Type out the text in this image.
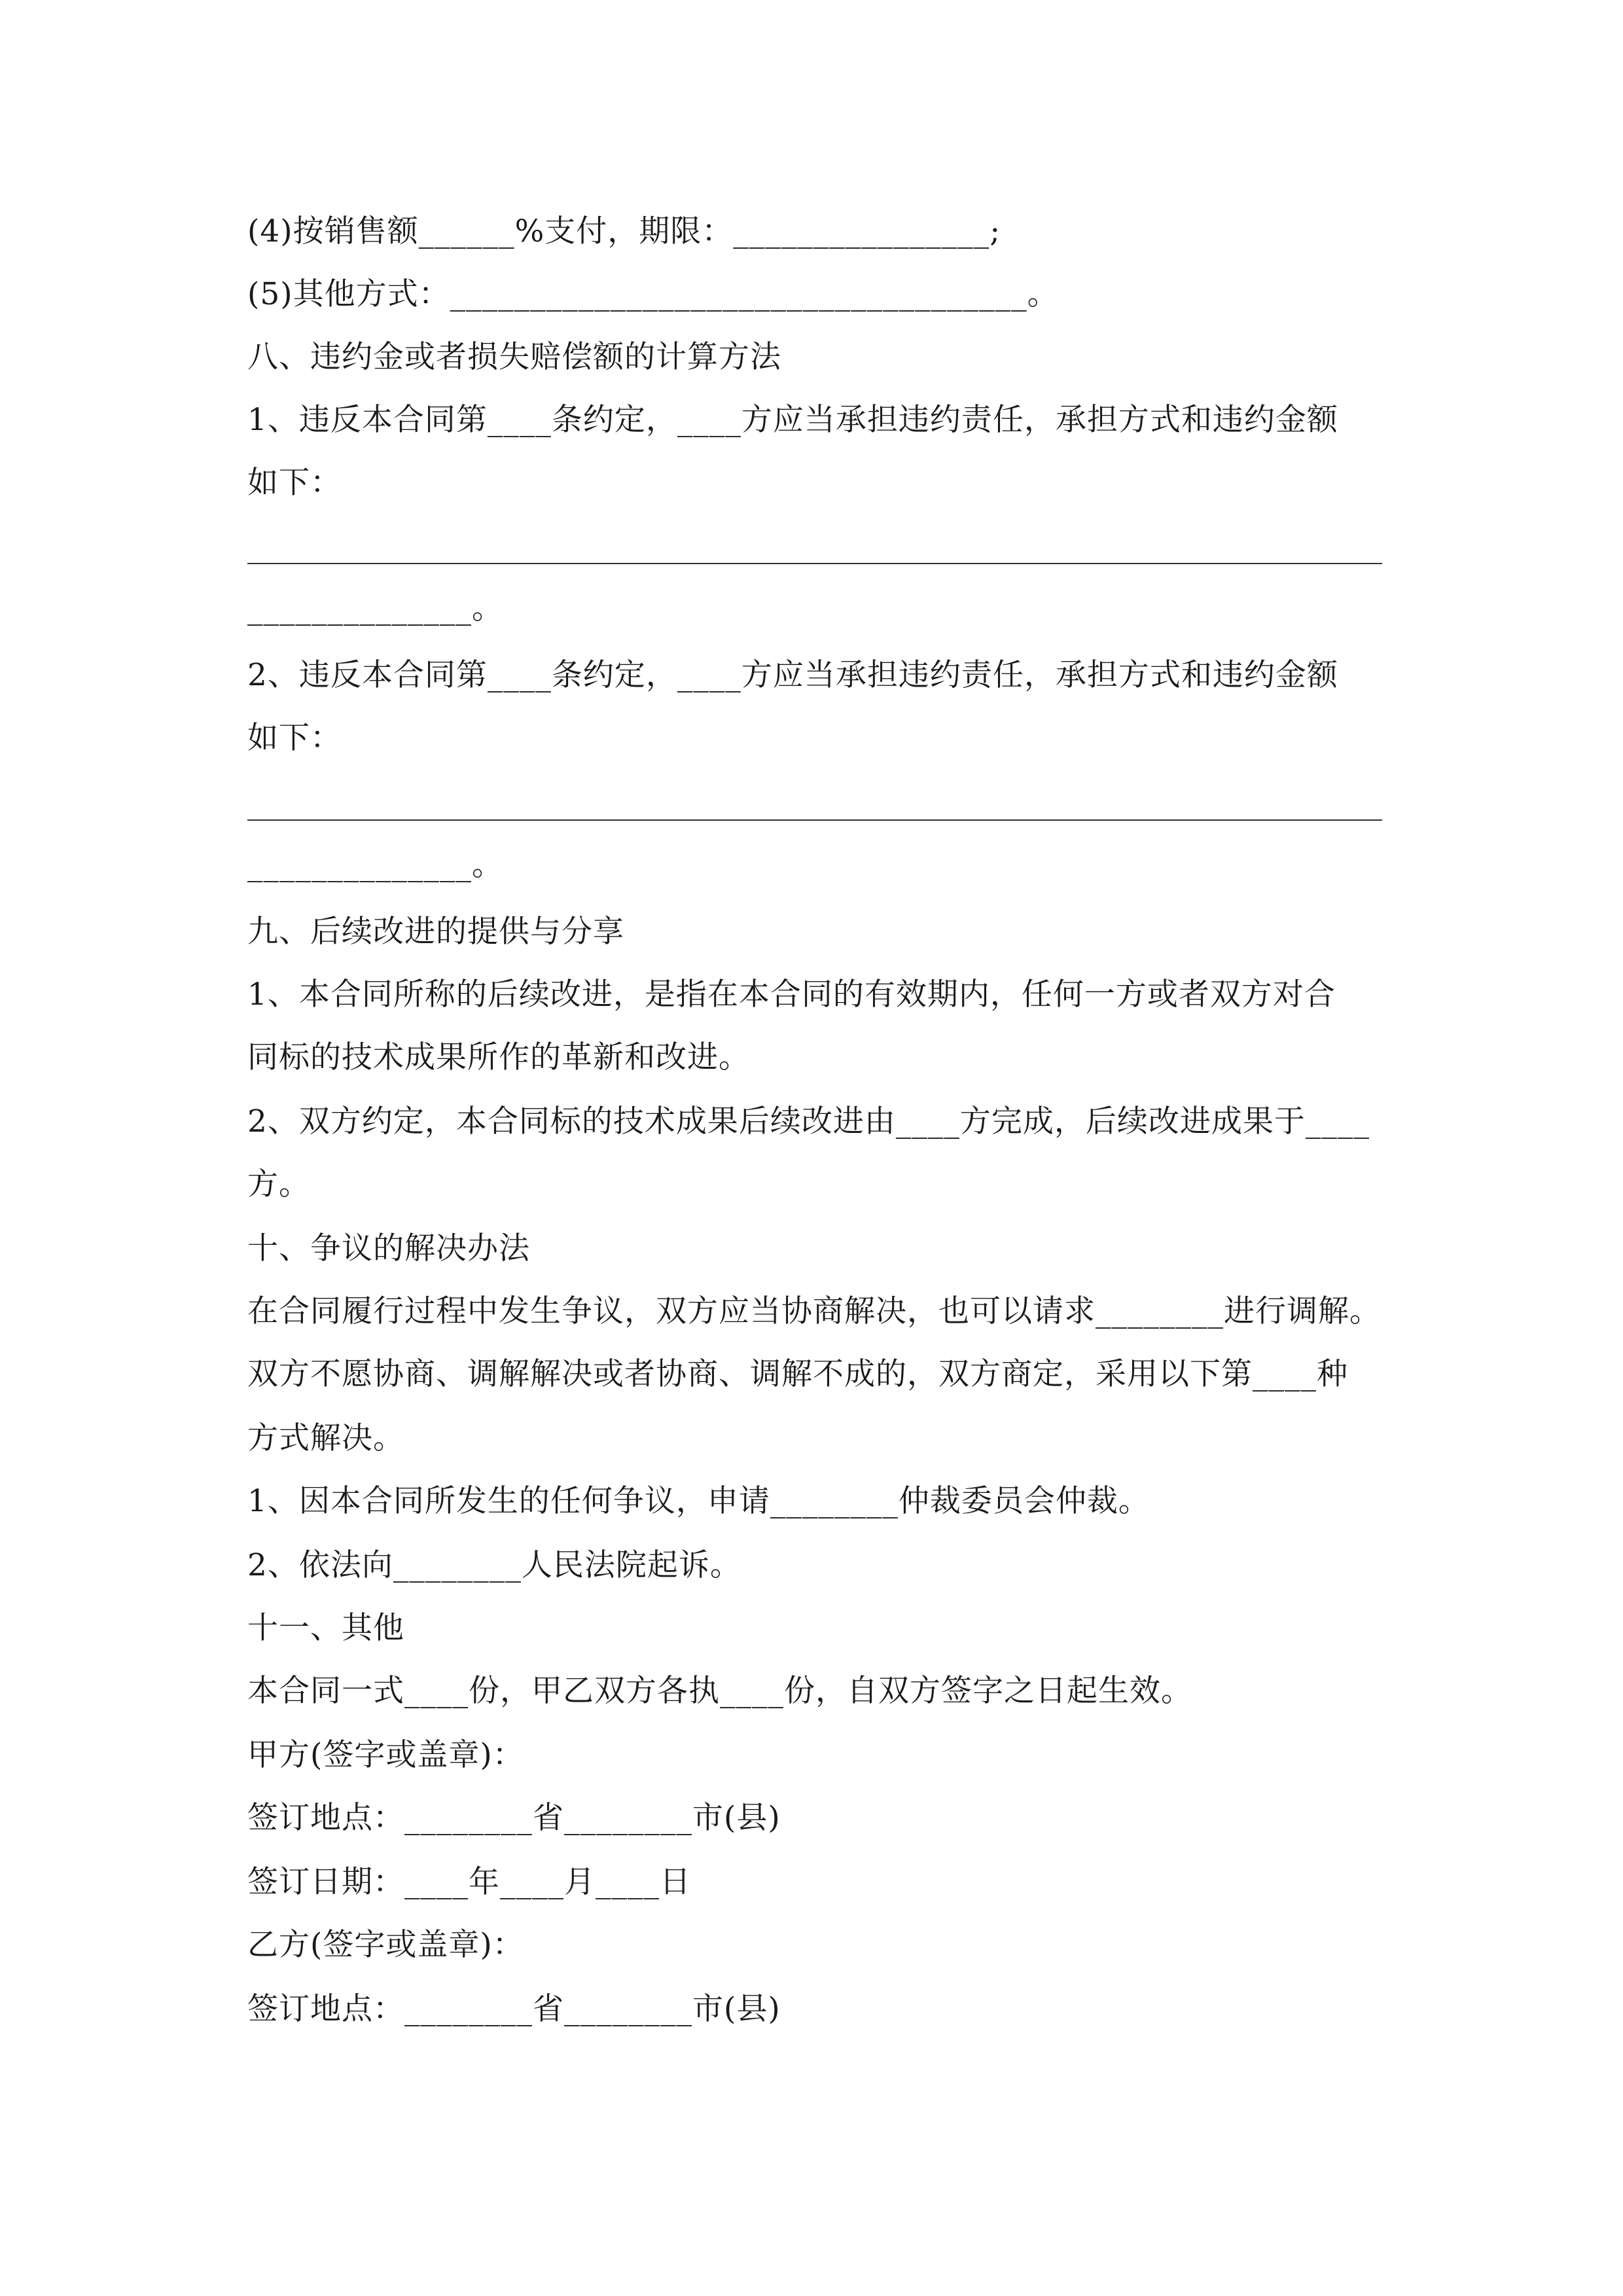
(4)按销售额______%支付，期限：________________;
(5)其他方式：____________________________________。
八、违约金或者损失赔偿额的计算方法
1、违反本合同第____条约定，____方应当承担违约责任，承担方式和违约金额
如下：
______________。
2、违反本合同第____条约定，____方应当承担违约责任，承担方式和违约金额
如下：
______________。
九、后续改进的提供与分享
1、本合同所称的后续改进，是指在本合同的有效期内，任何一方或者双方对合
同标的技术成果所作的革新和改进。
2、双方约定，本合同标的技术成果后续改进由____方完成，后续改进成果于____
方。
十、争议的解决办法
在合同履行过程中发生争议，双方应当协商解决，也可以请求________进行调解。
双方不愿协商、调解解决或者协商、调解不成的，双方商定，采用以下第____种
方式解决。
1、因本合同所发生的任何争议，申请________仲裁委员会仲裁。
2、依法向________人民法院起诉。
十一、其他
本合同一式____份，甲乙双方各执____份，自双方签字之日起生效。
甲方(签字或盖章)：
签订地点：________省________市(县)
签订日期：____年____月____日
乙方(签字或盖章)：
签订地点：________省________市(县)
